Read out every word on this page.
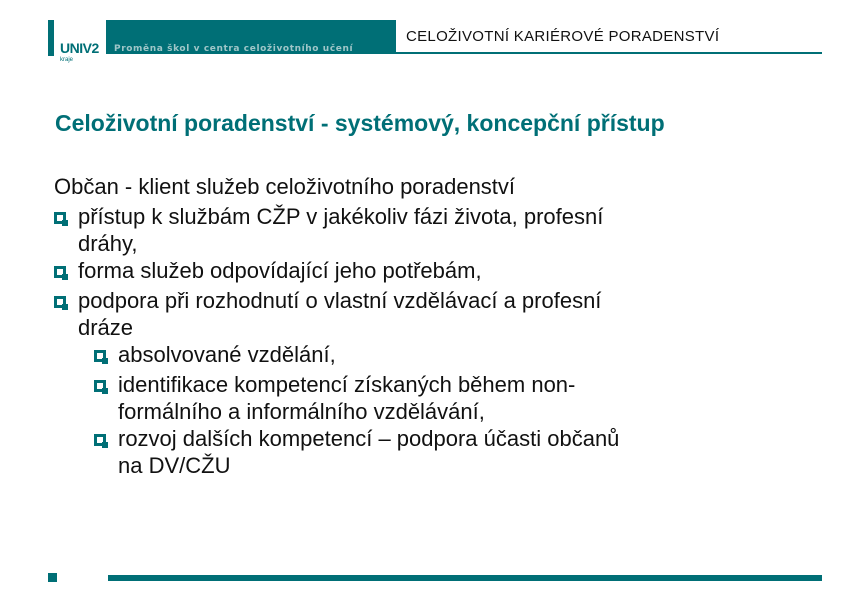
UNIV2
kraje
Proměna škol v centra celoživotního učení
CELOŽIVOTNÍ KARIÉROVÉ PORADENSTVÍ
Celoživotní poradenství - systémový, koncepční přístup

Občan - klient služeb celoživotního poradenství

přístup k službám CŽP v jakékoliv fázi života, profesní
dráhy,
forma služeb odpovídající jeho potřebám,
podpora při rozhodnutí o vlastní vzdělávací a profesní
dráze
absolvované vzdělání,
identifikace kompetencí získaných během non-
formálního a informálního vzdělávání,
rozvoj dalších kompetencí – podpora účasti občanů
na DV/CŽU
